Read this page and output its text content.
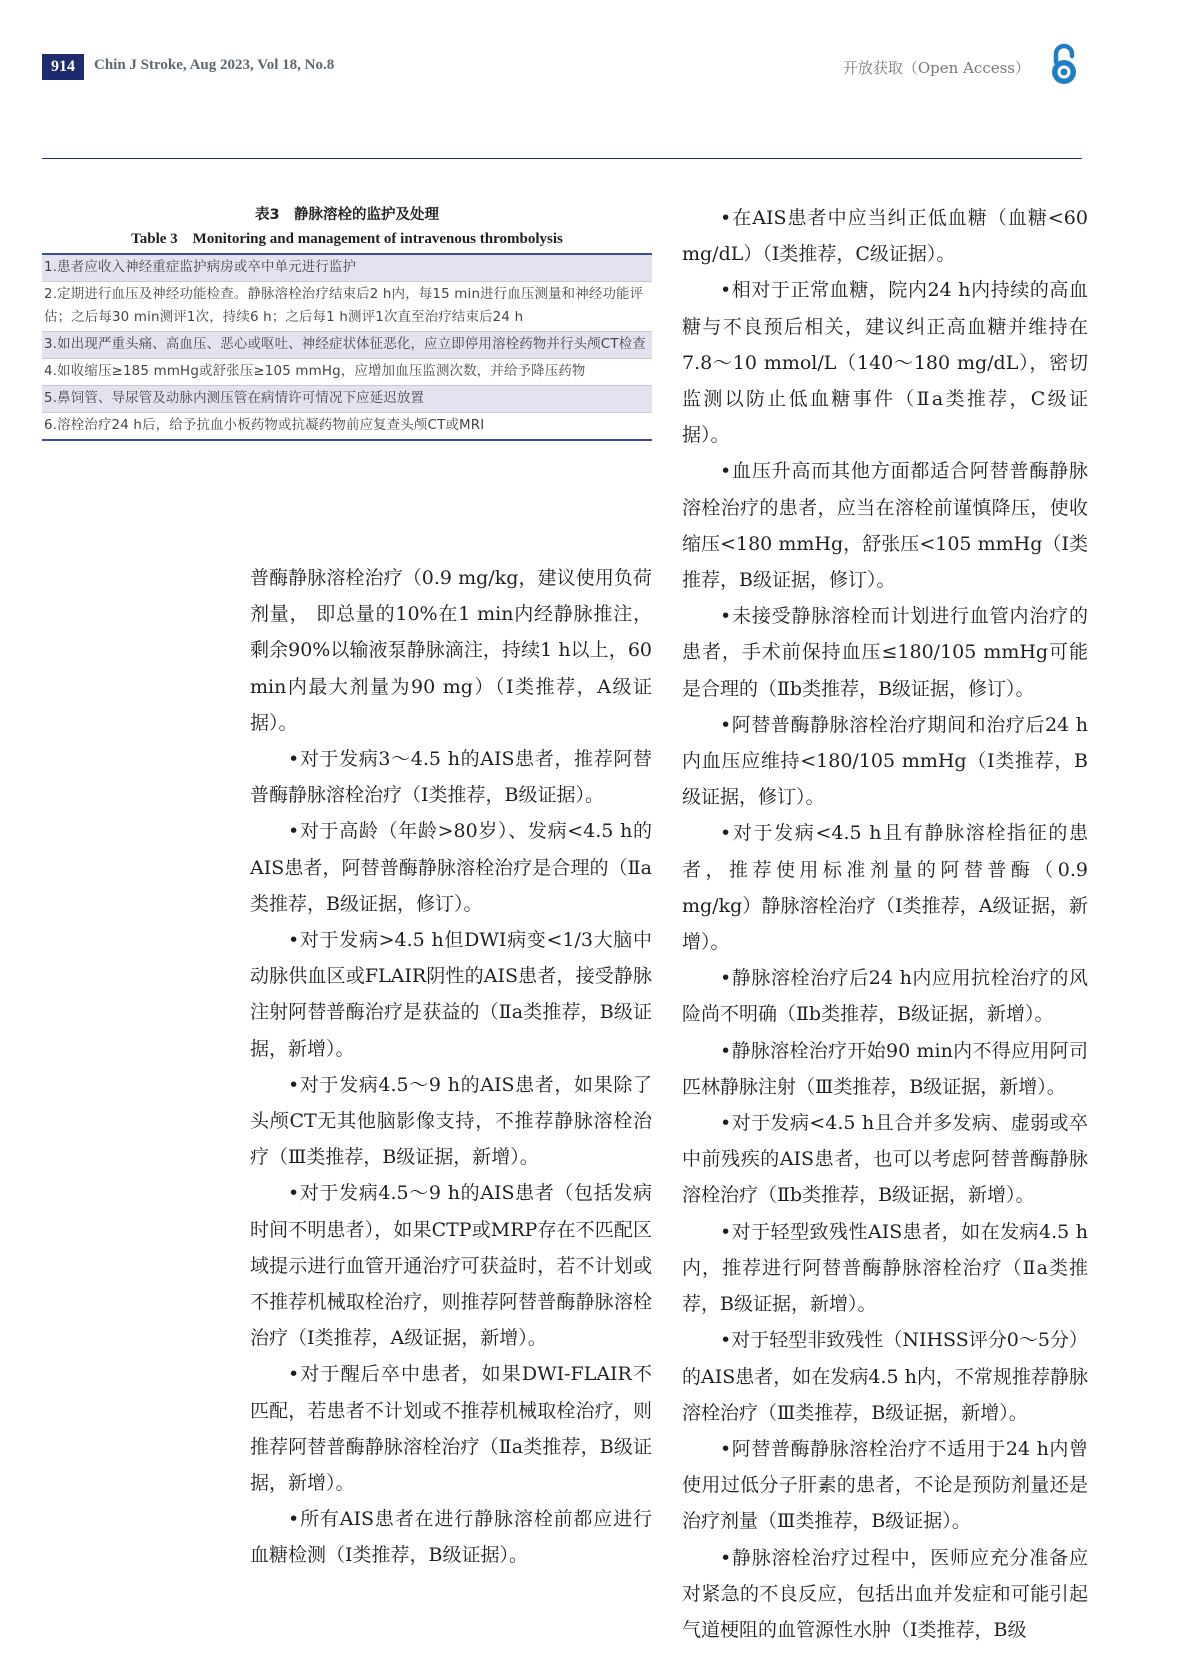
914	Chin J Stroke, Aug 2023, Vol 18, No.8	开放获取（Open Access）
表3　静脉溶栓的监护及处理
Table 3　Monitoring and management of intravenous thrombolysis
1.患者应收入神经重症监护病房或卒中单元进行监护
2.定期进行血压及神经功能检查。静脉溶栓治疗结束后2 h内，每15 min进行血压测量和神经功能评估；之后每30 min测评1次，持续6 h；之后每1 h测评1次直至治疗结束后24 h
3.如出现严重头痛、高血压、恶心或呕吐、神经症状体征恶化，应立即停用溶栓药物并行头颅CT检查
4.如收缩压≥185 mmHg或舒张压≥105 mmHg，应增加血压监测次数，并给予降压药物
5.鼻饲管、导尿管及动脉内测压管在病情许可情况下应延迟放置
6.溶栓治疗24 h后，给予抗血小板药物或抗凝药物前应复查头颅CT或MRI

普酶静脉溶栓治疗（0.9 mg/kg，建议使用负荷剂量， 即总量的10%在1 min内经静脉推注，剩余90%以输液泵静脉滴注，持续1 h以上，60 min内最大剂量为90 mg）（Ⅰ类推荐，A级证据）。

•对于发病3～4.5 h的AIS患者，推荐阿替普酶静脉溶栓治疗（Ⅰ类推荐，B级证据）。

•对于高龄（年龄>80岁）、发病<4.5 h的AIS患者，阿替普酶静脉溶栓治疗是合理的（Ⅱa类推荐，B级证据，修订）。

•对于发病>4.5 h但DWI病变<1/3大脑中动脉供血区或FLAIR阴性的AIS患者，接受静脉注射阿替普酶治疗是获益的（Ⅱa类推荐，B级证据，新增）。

•对于发病4.5～9 h的AIS患者，如果除了头颅CT无其他脑影像支持，不推荐静脉溶栓治疗（Ⅲ类推荐，B级证据，新增）。

•对于发病4.5～9 h的AIS患者（包括发病时间不明患者），如果CTP或MRP存在不匹配区域提示进行血管开通治疗可获益时，若不计划或不推荐机械取栓治疗，则推荐阿替普酶静脉溶栓治疗（Ⅰ类推荐，A级证据，新增）。

•对于醒后卒中患者，如果DWI-FLAIR不匹配，若患者不计划或不推荐机械取栓治疗，则推荐阿替普酶静脉溶栓治疗（Ⅱa类推荐，B级证据，新增）。

•所有AIS患者在进行静脉溶栓前都应进行血糖检测（Ⅰ类推荐，B级证据）。

•在AIS患者中应当纠正低血糖（血糖<60 mg/dL）（Ⅰ类推荐，C级证据）。

•相对于正常血糖，院内24 h内持续的高血糖与不良预后相关，建议纠正高血糖并维持在7.8～10 mmol/L（140～180 mg/dL），密切监测以防止低血糖事件（Ⅱa类推荐，C级证据）。

•血压升高而其他方面都适合阿替普酶静脉溶栓治疗的患者，应当在溶栓前谨慎降压，使收缩压<180 mmHg，舒张压<105 mmHg（Ⅰ类推荐，B级证据，修订）。

•未接受静脉溶栓而计划进行血管内治疗的患者，手术前保持血压≤180/105 mmHg可能是合理的（Ⅱb类推荐，B级证据，修订）。

•阿替普酶静脉溶栓治疗期间和治疗后24 h内血压应维持<180/105 mmHg（Ⅰ类推荐，B级证据，修订）。

•对于发病<4.5 h且有静脉溶栓指征的患者，推荐使用标准剂量的阿替普酶（0.9 mg/kg）静脉溶栓治疗（Ⅰ类推荐，A级证据，新增）。

•静脉溶栓治疗后24 h内应用抗栓治疗的风险尚不明确（Ⅱb类推荐，B级证据，新增）。

•静脉溶栓治疗开始90 min内不得应用阿司匹林静脉注射（Ⅲ类推荐，B级证据，新增）。

•对于发病<4.5 h且合并多发病、虚弱或卒中前残疾的AIS患者，也可以考虑阿替普酶静脉溶栓治疗（Ⅱb类推荐，B级证据，新增）。

•对于轻型致残性AIS患者，如在发病4.5 h内，推荐进行阿替普酶静脉溶栓治疗（Ⅱa类推荐，B级证据，新增）。

•对于轻型非致残性（NIHSS评分0～5分）的AIS患者，如在发病4.5 h内，不常规推荐静脉溶栓治疗（Ⅲ类推荐，B级证据，新增）。

•阿替普酶静脉溶栓治疗不适用于24 h内曾使用过低分子肝素的患者，不论是预防剂量还是治疗剂量（Ⅲ类推荐，B级证据）。

•静脉溶栓治疗过程中，医师应充分准备应对紧急的不良反应，包括出血并发症和可能引起气道梗阻的血管源性水肿（Ⅰ类推荐，B级
